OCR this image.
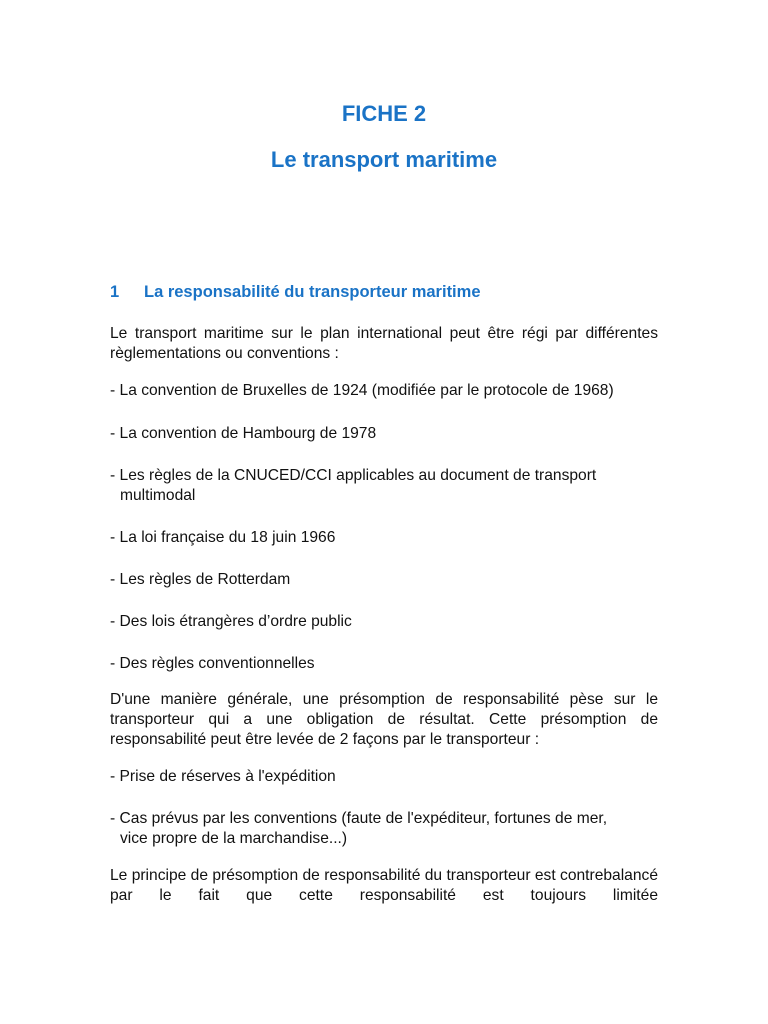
FICHE 2
Le transport maritime
1 La responsabilité du transporteur maritime

Le transport maritime sur le plan international peut être régi par différentes règlementations ou conventions :

- La convention de Bruxelles de 1924 (modifiée par le protocole de 1968)

- La convention de Hambourg de 1978

- Les règles de la CNUCED/CCI applicables au document de transport
multimodal

- La loi française du 18 juin 1966

- Les règles de Rotterdam

- Des lois étrangères d’ordre public

- Des règles conventionnelles

D'une manière générale, une présomption de responsabilité pèse sur le transporteur qui a une obligation de résultat. Cette présomption de responsabilité peut être levée de 2 façons par le transporteur :

- Prise de réserves à l'expédition

- Cas prévus par les conventions (faute de l'expéditeur, fortunes de mer,
vice propre de la marchandise...)

Le principe de présomption de responsabilité du transporteur est contrebalancé par le fait que cette responsabilité est toujours limitée
